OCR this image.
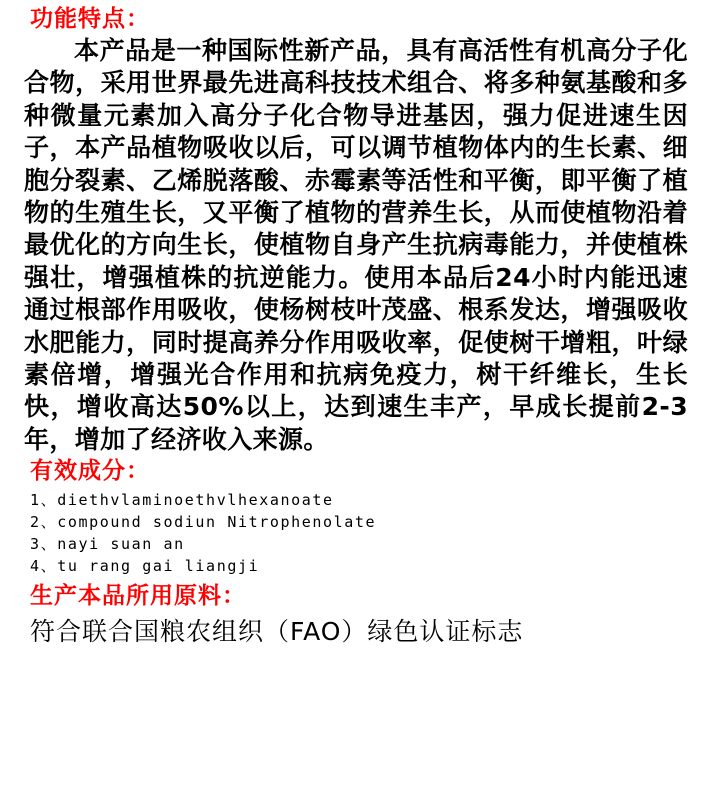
功能特点：

本产品是一种国际性新产品，具有高活性有机高分子化合物，采用世界最先进高科技技术组合、将多种氨基酸和多种微量元素加入高分子化合物导进基因，强力促进速生因子，本产品植物吸收以后，可以调节植物体内的生长素、细胞分裂素、乙烯脱落酸、赤霉素等活性和平衡，即平衡了植物的生殖生长，又平衡了植物的营养生长，从而使植物沿着最优化的方向生长，使植物自身产生抗病毒能力，并使植株强壮，增强植株的抗逆能力。使用本品后24小时内能迅速通过根部作用吸收，使杨树枝叶茂盛、根系发达，增强吸收水肥能力，同时提高养分作用吸收率，促使树干增粗，叶绿素倍增，增强光合作用和抗病免疫力，树干纤维长，生长快，增收高达50%以上，达到速生丰产，早成长提前2-3年，增加了经济收入来源。

有效成分：
1、diethvlaminoethvlhexanoate
2、compound sodiun Nitrophenolate
3、nayi suan an
4、tu rang gai liangji
生产本品所用原料：
符合联合国粮农组织（FAO）绿色认证标志
